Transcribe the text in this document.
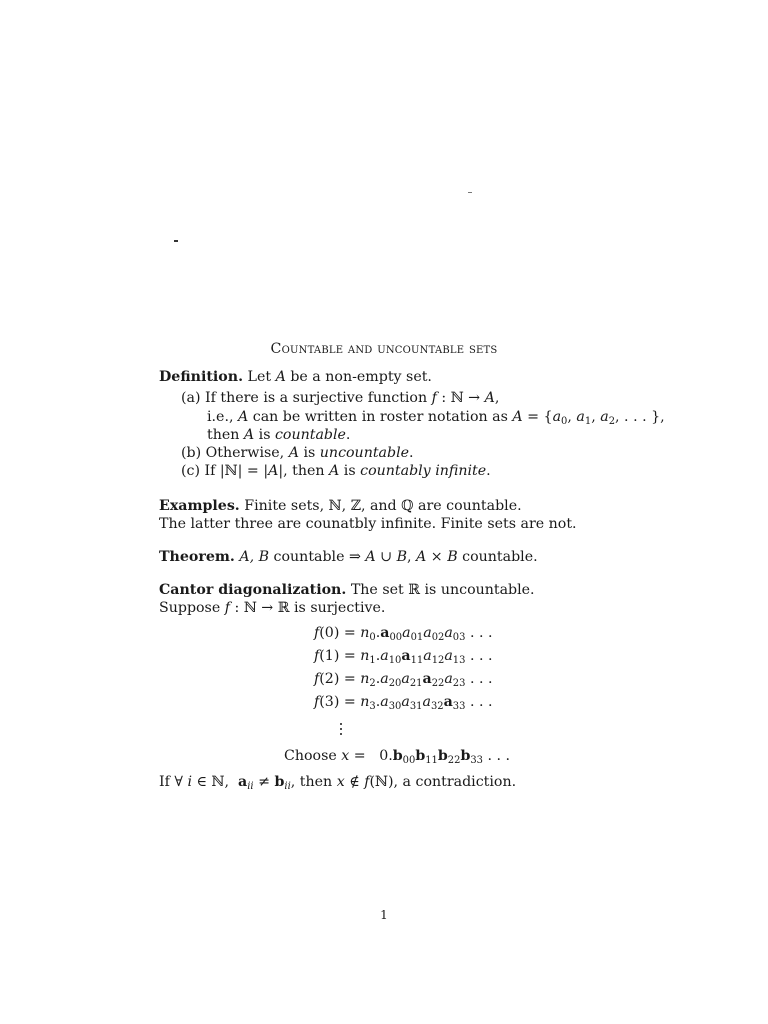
Countable and uncountable sets
Definition. Let A be a non-empty set.
(a) If there is a surjective function f : ℕ → A,
i.e., A can be written in roster notation as $A = \{a_0$, $a_1$, $a_2$, . . . },
then A is countable.
(b) Otherwise, A is uncountable.
(c) If |ℕ| = |A|, then A is countably infinite.
Examples. Finite sets, ℕ, ℤ, and ℚ are countable.
The latter three are counatbly infinite. Finite sets are not.
Theorem. A, B countable ⇒ A ∪ B, A × B countable.
Cantor diagonalization. The set ℝ is uncountable.
Suppose f : ℕ → ℝ is surjective.
$f(0) = n_0.a_{00}a_{01}a_{02}a_{03}$ . . .
$f(1) = n_1.a_{10}a_{11}a_{12}a_{13}$ . . .
$f(2) = n_2.a_{20}a_{21}a_{22}a_{23}$ . . .
$f(3) = n_3.a_{30}a_{31}a_{32}a_{33}$ . . .
Choose $x = 0.b_{00}b_{11}b_{22}b_{33}$ . . .
If ∀ i ∈ ℕ,  $a_{ii} \ne b_{ii}$, then x ∉ f(ℕ), a contradiction.
1
